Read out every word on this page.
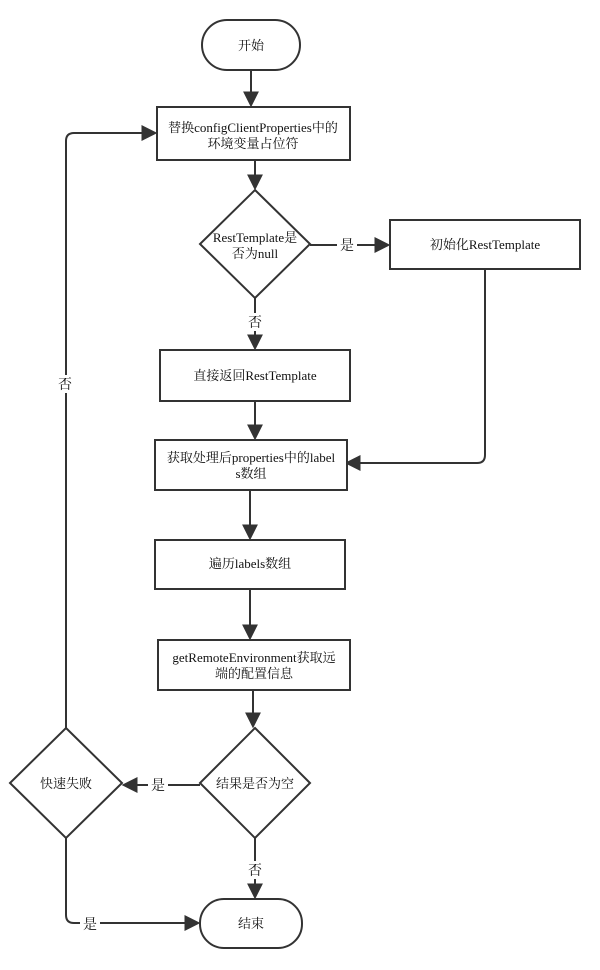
是
否
是
否
是
否
开始
替换configClientProperties中的
环境变量占位符
RestTemplate是
否为null
初始化RestTemplate
直接返回RestTemplate
获取处理后properties中的label
s数组
遍历labels数组
getRemoteEnvironment获取远
端的配置信息
结果是否为空
快速失败
结束
